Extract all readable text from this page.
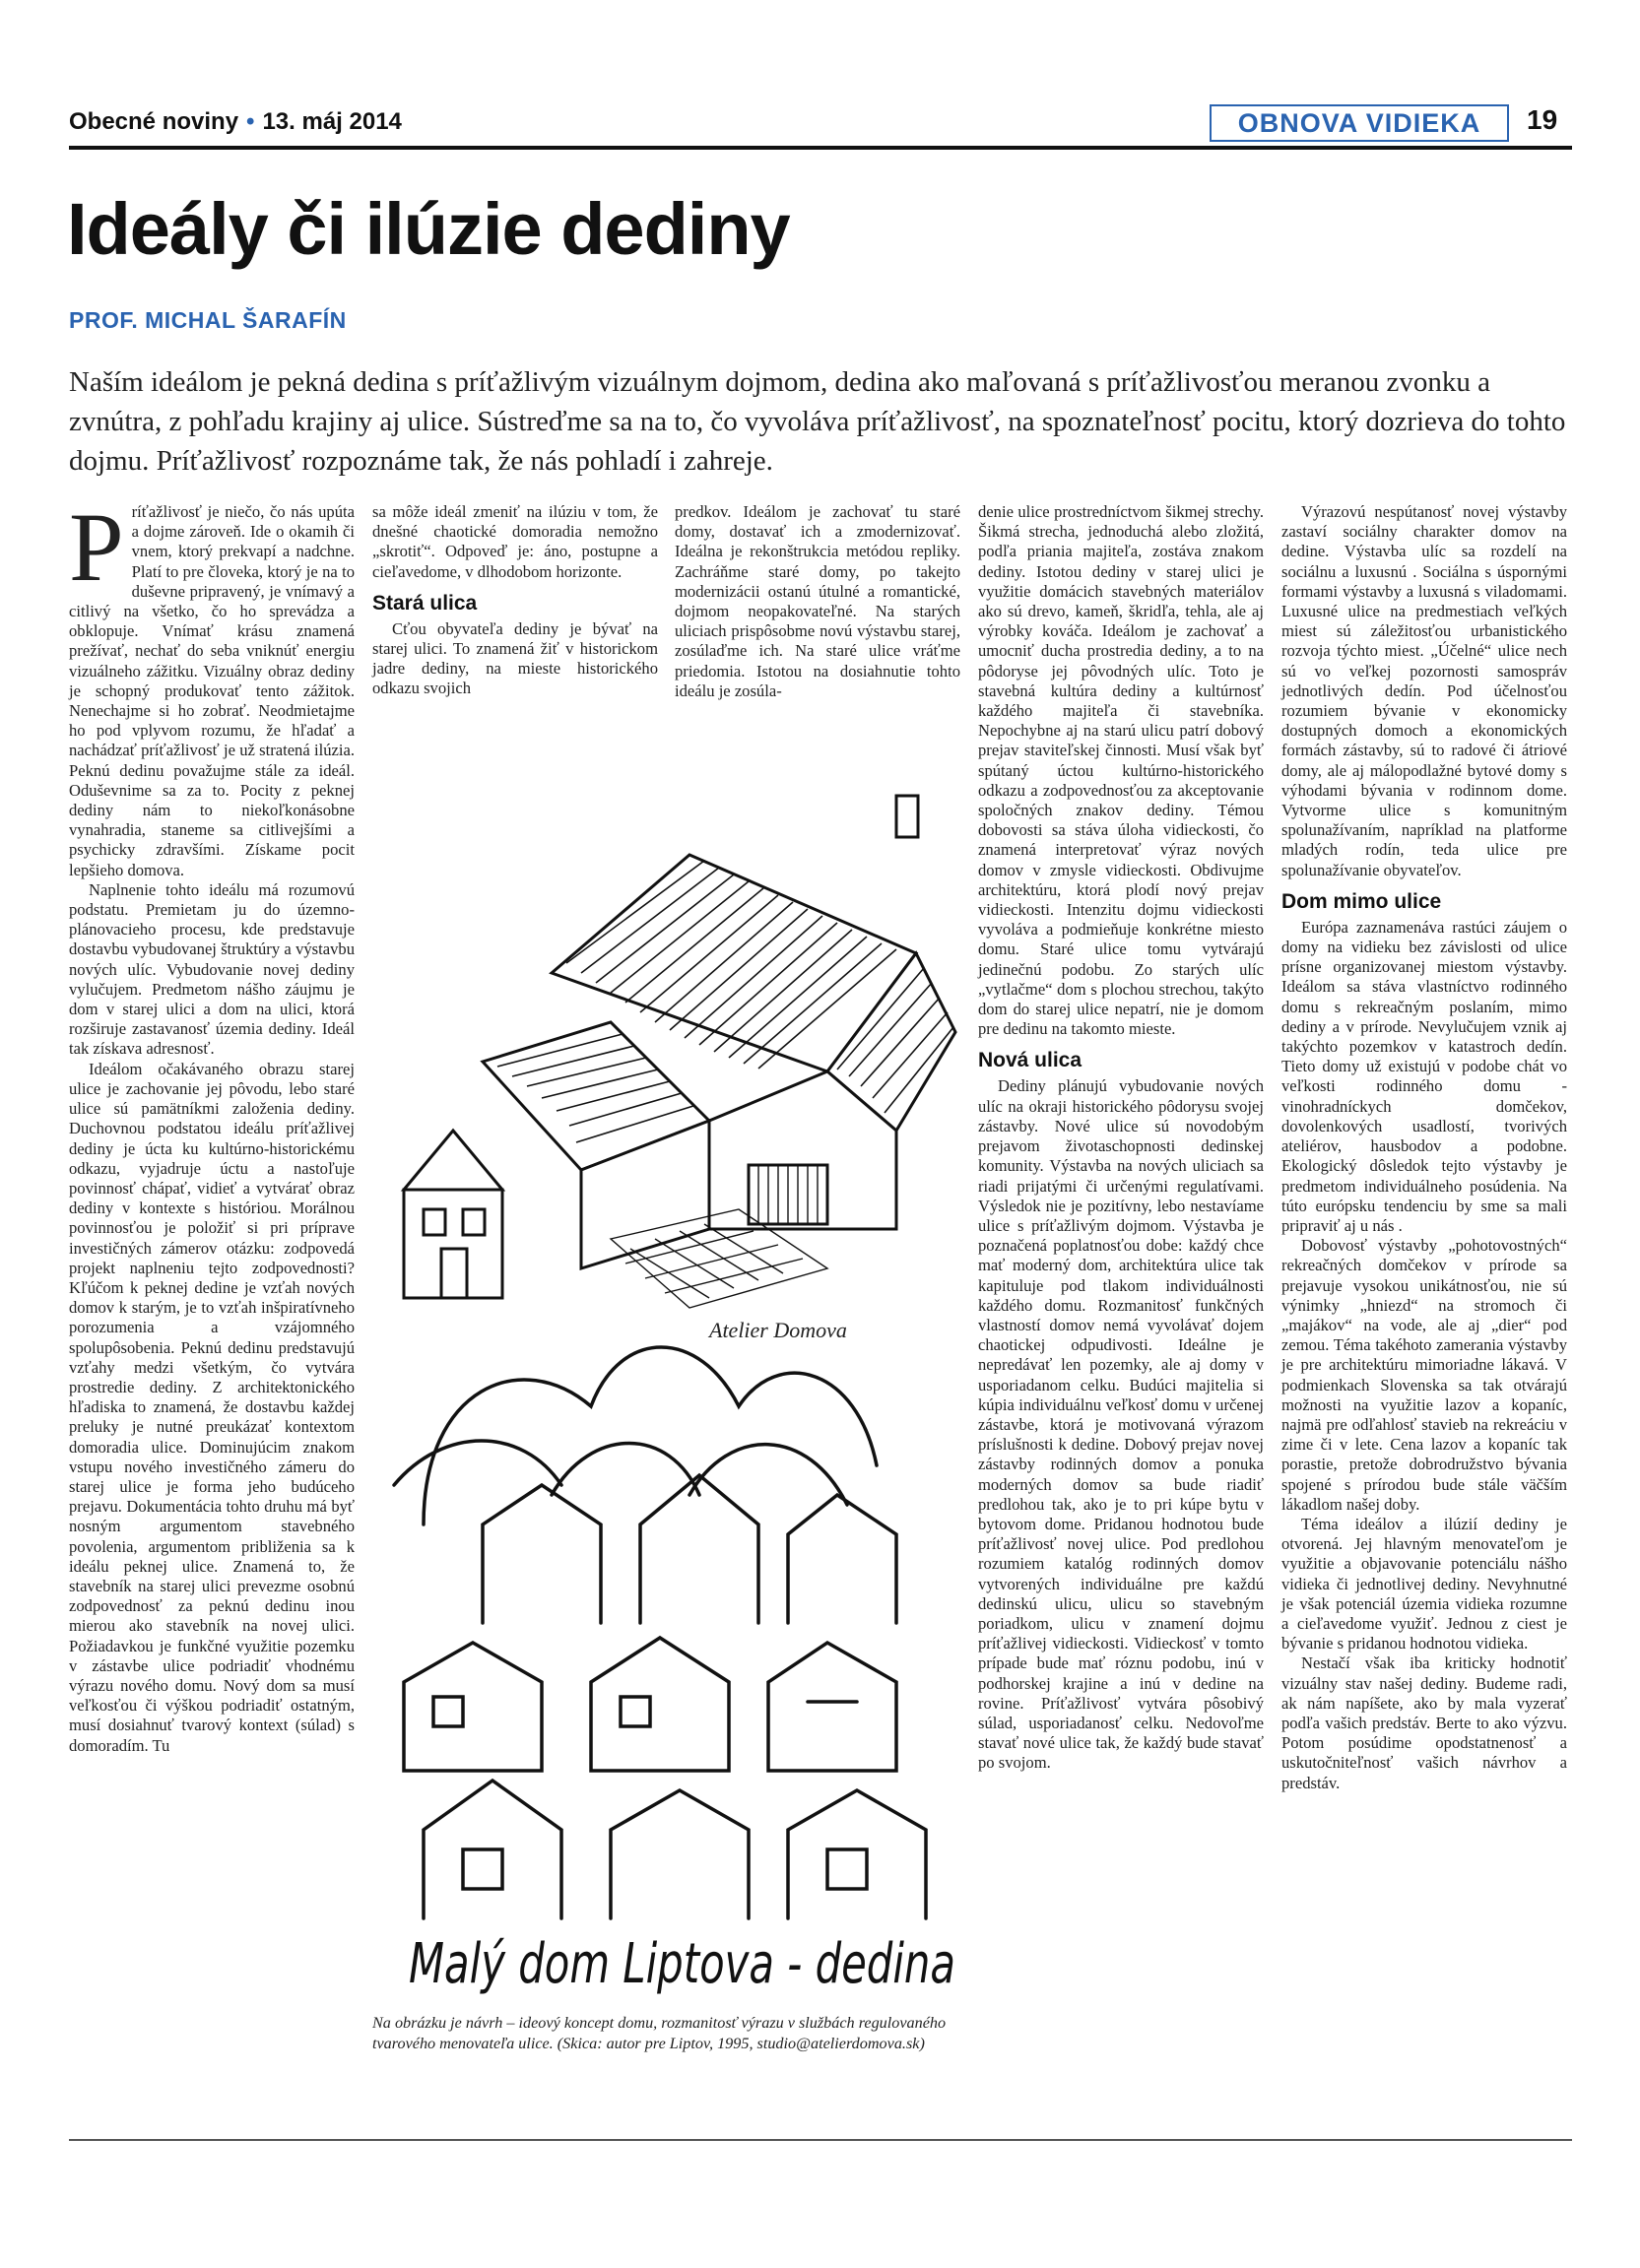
Obecné noviny • 13. máj 2014	OBNOVA VIDIEKA	19
Ideály či ilúzie dediny
PROF. MICHAL ŠARAFÍN

Naším ideálom je pekná dedina s príťažlivým vizuálnym dojmom, dedina ako maľovaná s príťažlivosťou meranou zvonku a zvnútra, z pohľadu krajiny aj ulice. Sústreďme sa na to, čo vyvoláva príťažlivosť, na spoznateľnosť pocitu, ktorý dozrieva do tohto dojmu. Príťažlivosť rozpoznáme tak, že nás pohladí i zahreje.

Príťažlivosť je niečo, čo nás upúta a dojme zároveň. Ide o okamih či vnem, ktorý prekvapí a nadchne. Platí to pre človeka, ktorý je na to duševne pripravený, je vnímavý a citlivý na všetko, čo ho sprevádza a obklopuje. Vnímať krásu znamená prežívať, nechať do seba vniknúť energiu vizuálneho zážitku. Vizuálny obraz dediny je schopný produkovať tento zážitok. Nenechajme si ho zobrať. Neodmietajme ho pod vplyvom rozumu, že hľadať a nachádzať príťažlivosť je už stratená ilúzia. Peknú dedinu považujme stále za ideál. Oduševnime sa za to. Pocity z peknej dediny nám to niekoľkonásobne vynahradia, staneme sa citlivejšími a psychicky zdravšími. Získame pocit lepšieho domova.

Naplnenie tohto ideálu má rozumovú podstatu. Premietam ju do územno-plánovacieho procesu, kde predstavuje dostavbu vybudovanej štruktúry a výstavbu nových ulíc. Vybudovanie novej dediny vylučujem. Predmetom nášho záujmu je dom v starej ulici a dom na ulici, ktorá rozširuje zastavanosť územia dediny. Ideál tak získava adresnosť.

Ideálom očakávaného obrazu starej ulice je zachovanie jej pôvodu, lebo staré ulice sú pamätníkmi založenia dediny. Duchovnou podstatou ideálu príťažlivej dediny je úcta ku kultúrno-historickému odkazu, vyjadruje úctu a nastoľuje povinnosť chápať, vidieť a vytvárať obraz dediny v kontexte s históriou. Morálnou povinnosťou je položiť si pri príprave investičných zámerov otázku: zodpovedá projekt naplneniu tejto zodpovednosti? Kľúčom k peknej dedine je vzťah nových domov k starým, je to vzťah inšpiratívneho porozumenia a vzájomného spolupôsobenia. Peknú dedinu predstavujú vzťahy medzi všetkým, čo vytvára prostredie dediny. Z architektonického hľadiska to znamená, že dostavbu každej preluky je nutné preukázať kontextom domoradia ulice. Dominujúcim znakom vstupu nového investičného zámeru do starej ulice je forma jeho budúceho prejavu. Dokumentácia tohto druhu má byť nosným argumentom stavebného povolenia, argumentom približenia sa k ideálu peknej ulice. Znamená to, že stavebník na starej ulici prevezme osobnú zodpovednosť za peknú dedinu inou mierou ako stavebník na novej ulici. Požiadavkou je funkčné využitie pozemku v zástavbe ulice podriadiť vhodnému výrazu nového domu. Nový dom sa musí veľkosťou či výškou podriadiť ostatným, musí dosiahnuť tvarový kontext (súlad) s domoradím. Tu

sa môže ideál zmeniť na ilúziu v tom, že dnešné chaotické domoradia nemožno „skrotiť“. Odpoveď je: áno, postupne a cieľavedome, v dlhodobom horizonte.

Stará ulica

Cťou obyvateľa dediny je bývať na starej ulici. To znamená žiť v historickom jadre dediny, na mieste historického odkazu svojich

predkov. Ideálom je zachovať tu staré domy, dostavať ich a zmodernizovať. Ideálna je rekonštrukcia metódou repliky. Zachráňme staré domy, po takejto modernizácii ostanú útulné a romantické, dojmom neopakovateľné. Na starých uliciach prispôsobme novú výstavbu starej, zosúlaďme ich. Na staré ulice vráťme priedomia. Istotou na dosiahnutie tohto ideálu je zosúla-

denie ulice prostredníctvom šikmej strechy. Šikmá strecha, jednoduchá alebo zložitá, podľa priania majiteľa, zostáva znakom dediny. Istotou dediny v starej ulici je využitie domácich stavebných materiálov ako sú drevo, kameň, škridľa, tehla, ale aj výrobky kováča. Ideálom je zachovať a umocniť ducha prostredia dediny, a to na pôdoryse jej pôvodných ulíc. Toto je stavebná kultúra dediny a kultúrnosť každého majiteľa či stavebníka. Nepochybne aj na starú ulicu patrí dobový prejav staviteľskej činnosti. Musí však byť spútaný úctou kultúrno-historického odkazu a zodpovednosťou za akceptovanie spoločných znakov dediny. Témou dobovosti sa stáva úloha vidieckosti, čo znamená interpretovať výraz nových domov v zmysle vidieckosti. Obdivujme architektúru, ktorá plodí nový prejav vidieckosti. Intenzitu dojmu vidieckosti vyvoláva a podmieňuje konkrétne miesto domu. Staré ulice tomu vytvárajú jedinečnú podobu. Zo starých ulíc „vytlačme“ dom s plochou strechou, takýto dom do starej ulice nepatrí, nie je domom pre dedinu na takomto mieste.

Nová ulica

Dediny plánujú vybudovanie nových ulíc na okraji historického pôdorysu svojej zástavby. Nové ulice sú novodobým prejavom životaschopnosti dedinskej komunity. Výstavba na nových uliciach sa riadi prijatými či určenými regulatívami. Výsledok nie je pozitívny, lebo nestavíame ulice s príťažlivým dojmom. Výstavba je poznačená poplatnosťou dobe: každý chce mať moderný dom, architektúra ulice tak kapituluje pod tlakom individuálnosti každého domu. Rozmanitosť funkčných vlastností domov nemá vyvolávať dojem chaotickej odpudivosti. Ideálne je nepredávať len pozemky, ale aj domy v usporiadanom celku. Budúci majitelia si kúpia individuálnu veľkosť domu v určenej zástavbe, ktorá je motivovaná výrazom príslušnosti k dedine. Dobový prejav novej zástavby rodinných domov a ponuka moderných domov sa bude riadiť predlohou tak, ako je to pri kúpe bytu v bytovom dome. Pridanou hodnotou bude príťažlivosť novej ulice. Pod predlohou rozumiem katalóg rodinných domov vytvorených individuálne pre každú dedinskú ulicu, ulicu so stavebným poriadkom, ulicu v znamení dojmu príťažlivej vidieckosti. Vidieckosť v tomto prípade bude mať róznu podobu, inú v podhorskej krajine a inú v dedine na rovine. Príťažlivosť vytvára pôsobivý súlad, usporiadanosť celku. Nedovoľme stavať nové ulice tak, že každý bude stavať po svojom.

Výrazovú nespútanosť novej výstavby zastaví sociálny charakter domov na dedine. Výstavba ulíc sa rozdelí na sociálnu a luxusnú . Sociálna s úspornými formami výstavby a luxusná s viladomami. Luxusné ulice na predmestiach veľkých miest sú záležitosťou urbanistického rozvoja týchto miest. „Účelné“ ulice nech sú vo veľkej pozornosti samospráv jednotlivých dedín. Pod účelnosťou rozumiem bývanie v ekonomicky dostupných domoch a ekonomických formách zástavby, sú to radové či átriové domy, ale aj málopodlažné bytové domy s výhodami bývania v rodinnom dome. Vytvorme ulice s komunitným spolunažívaním, napríklad na platforme mladých rodín, teda ulice pre spolunažívanie obyvateľov.

Dom mimo ulice

Európa zaznamenáva rastúci záujem o domy na vidieku bez závislosti od ulice prísne organizovanej miestom výstavby. Ideálom sa stáva vlastníctvo rodinného domu s rekreačným poslaním, mimo dediny a v prírode. Nevylučujem vznik aj takýchto pozemkov v katastroch dedín. Tieto domy už existujú v podobe chát vo veľkosti rodinného domu - vinohradníckych domčekov, dovolenkových usadlostí, tvorivých ateliérov, hausbodov a podobne. Ekologický dôsledok tejto výstavby je predmetom individuálneho posúdenia. Na túto európsku tendenciu by sme sa mali pripraviť aj u nás .

Dobovosť výstavby „pohotovostných“ rekreačných domčekov v prírode sa prejavuje vysokou unikátnosťou, nie sú výnimky „hniezd“ na stromoch či „majákov“ na vode, ale aj „dier“ pod zemou. Téma takéhoto zamerania výstavby je pre architektúru mimoriadne lákavá. V podmienkach Slovenska sa tak otvárajú možnosti na využitie lazov a kopaníc, najmä pre odľahlosť stavieb na rekreáciu v zime či v lete. Cena lazov a kopaníc tak porastie, pretože dobrodružstvo bývania spojené s prírodou bude stále väčším lákadlom našej doby.

Téma ideálov a ilúzií dediny je otvorená. Jej hlavným menovateľom je využitie a objavovanie potenciálu nášho vidieka či jednotlivej dediny. Nevyhnutné je však potenciál územia vidieka rozumne a cieľavedome využiť. Jednou z ciest je bývanie s pridanou hodnotou vidieka.

Nestačí však iba kriticky hodnotiť vizuálny stav našej dediny. Budeme radi, ak nám napíšete, ako by mala vyzerať podľa vašich predstáv. Berte to ako výzvu. Potom posúdime opodstatnenosť a uskutočniteľnosť vašich návrhov a predstáv.

Atelier Domova
Malý dom Liptova - dedina
Na obrázku je návrh – ideový koncept domu, rozmanitosť výrazu v službách regulovaného tvarového menovateľa ulice. (Skica: autor pre Liptov, 1995, studio@atelierdomova.sk)
